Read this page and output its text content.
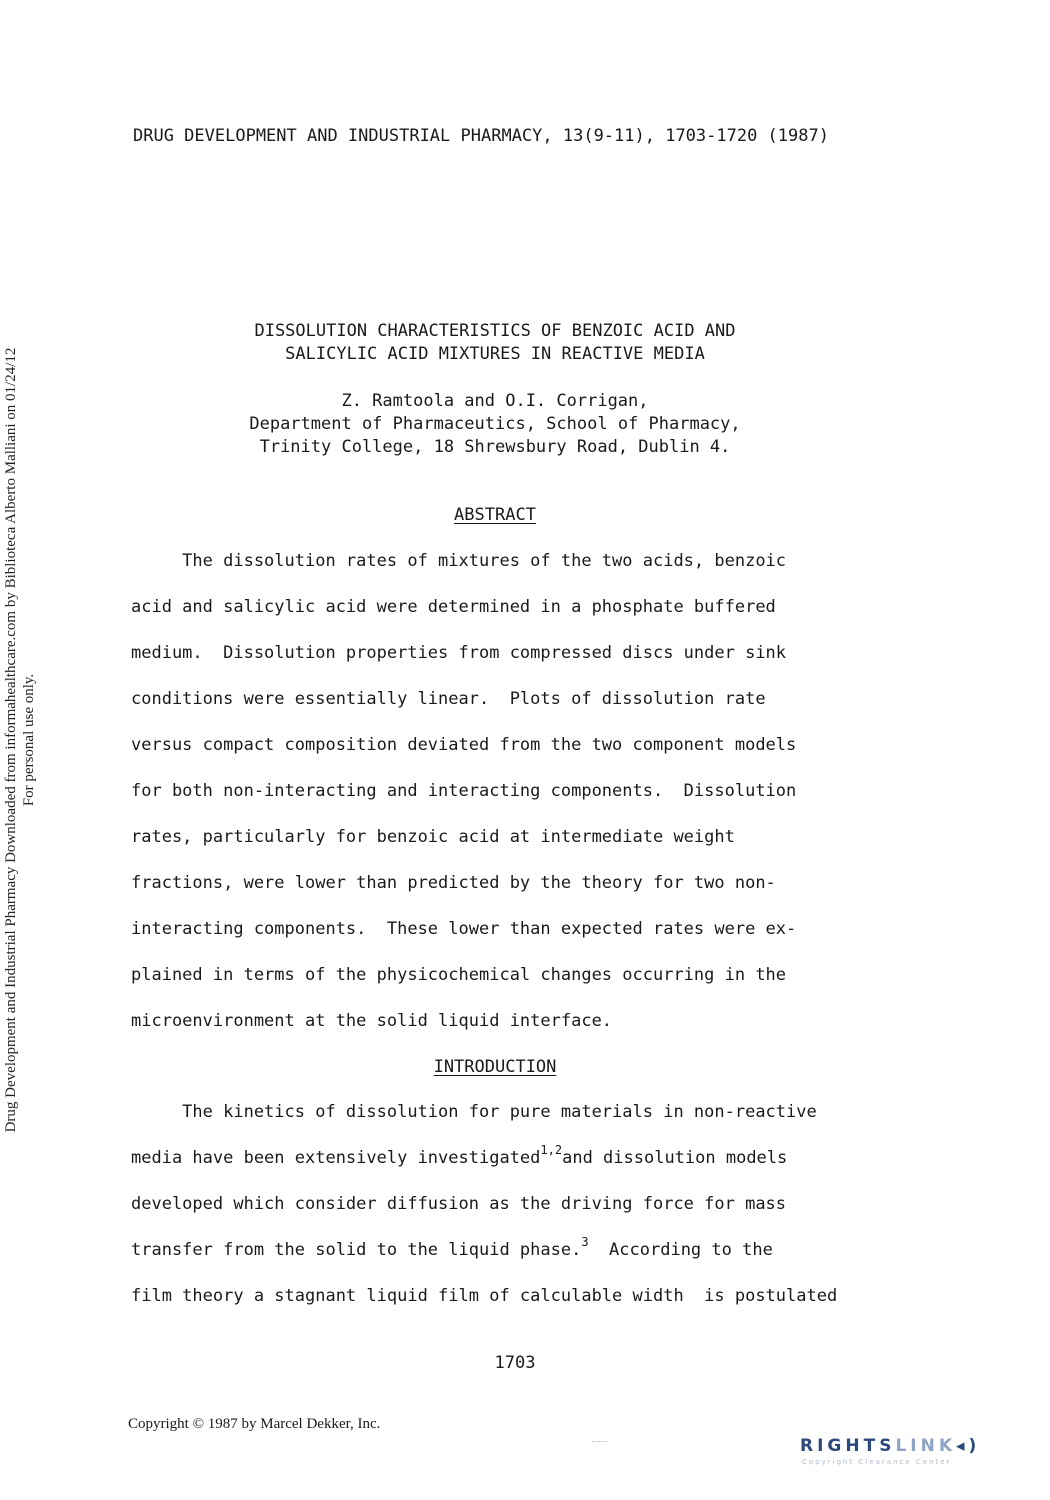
DRUG DEVELOPMENT AND INDUSTRIAL PHARMACY, 13(9-11), 1703-1720 (1987)
Drug Development and Industrial Pharmacy Downloaded from informahealthcare.com by Biblioteca Alberto Malliani on 01/24/12 For personal use only.
DISSOLUTION CHARACTERISTICS OF BENZOIC ACID AND
SALICYLIC ACID MIXTURES IN REACTIVE MEDIA
Z. Ramtoola and O.I. Corrigan,
Department of Pharmaceutics, School of Pharmacy,
Trinity College, 18 Shrewsbury Road, Dublin 4.
ABSTRACT
The dissolution rates of mixtures of the two acids, benzoic
acid and salicylic acid were determined in a phosphate buffered
medium.  Dissolution properties from compressed discs under sink
conditions were essentially linear.  Plots of dissolution rate
versus compact composition deviated from the two component models
for both non-interacting and interacting components.  Dissolution
rates, particularly for benzoic acid at intermediate weight
fractions, were lower than predicted by the theory for two non-
interacting components.  These lower than expected rates were ex-
plained in terms of the physicochemical changes occurring in the
microenvironment at the solid liquid interface.
INTRODUCTION
The kinetics of dissolution for pure materials in non-reactive
media have been extensively investigated$^{1,2}$and dissolution models
developed which consider diffusion as the driving force for mass
transfer from the solid to the liquid phase.$^3$  According to the
film theory a stagnant liquid film of calculable width  is postulated
1703
Copyright © 1987 by Marcel Dekker, Inc.
RIGHTSLINK◂)
Copyright Clearance Center
